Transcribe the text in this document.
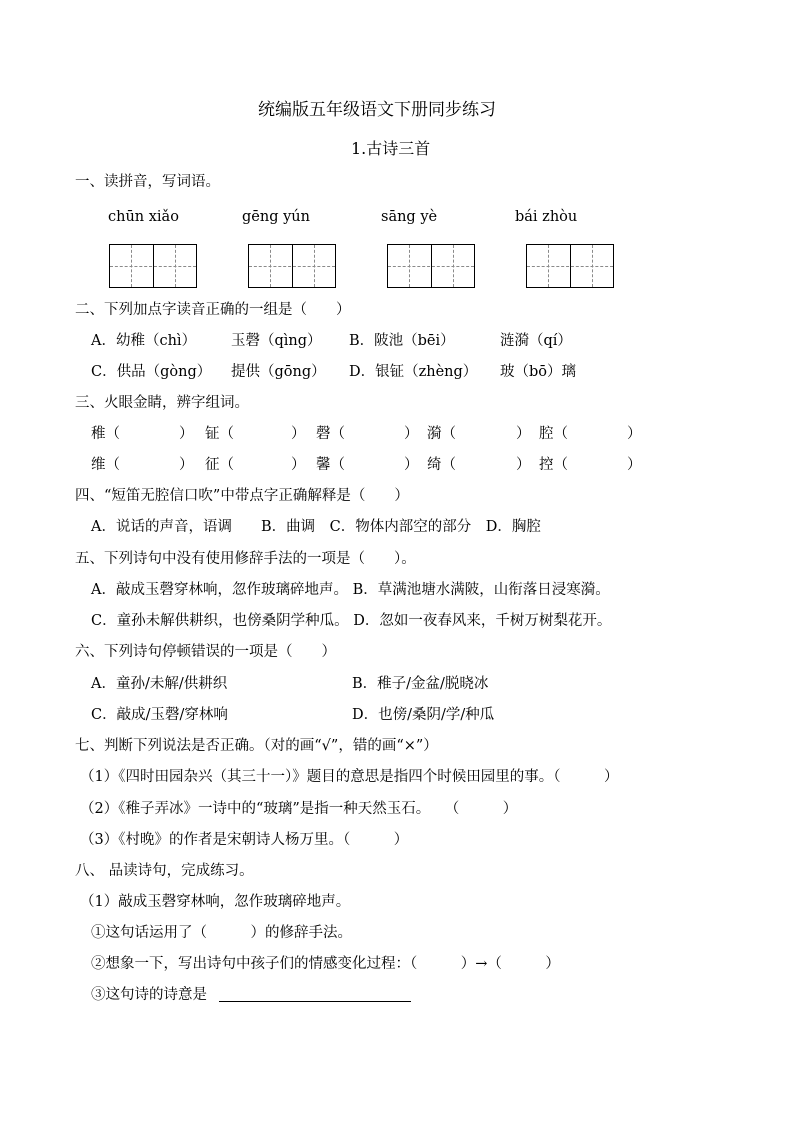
统编版五年级语文下册同步练习
1.古诗三首
一、读拼音，写词语。
chūn xiǎo	gēng yún	sāng yè	bái zhòu
二、下列加点字读音正确的一组是（　　）
A．幼稚（chì） 玉磬（qìng） B．陂池（bēi）	涟漪（qí）
C．供品（gòng） 提供（gōng） D．银钲（zhèng） 玻（bō）璃
三、火眼金睛，辨字组词。
稚（	） 钲（	） 磬（	） 漪（	） 腔（	）
维（	） 征（	） 馨（	） 绮（	） 控（	）
四、“短笛无腔信口吹”中带点字正确解释是（　　）
A．说话的声音，语调　　B．曲调　C．物体内部空的部分　D．胸腔
五、下列诗句中没有使用修辞手法的一项是（　　）。
A．敲成玉磬穿林响，忽作玻璃碎地声。 B．草满池塘水满陂，山衔落日浸寒漪。
C．童孙未解供耕织，也傍桑阴学种瓜。 D．忽如一夜春风来，千树万树梨花开。
六、下列诗句停顿错误的一项是（　　）
A．童孙/未解/供耕织	B．稚子/金盆/脱晓冰
C．敲成/玉磬/穿林响	D．也傍/桑阴/学/种瓜
七、判断下列说法是否正确。（对的画“√”，错的画“×”）
（1）《四时田园杂兴（其三十一）》题目的意思是指四个时候田园里的事。（　　　）
（2）《稚子弄冰》一诗中的“玻璃”是指一种天然玉石。　　（　　　）
（3）《村晚》的作者是宋朝诗人杨万里。（　　　）
八、 品读诗句，完成练习。
（1）敲成玉磬穿林响，忽作玻璃碎地声。
①这句话运用了（　　　）的修辞手法。
②想象一下，写出诗句中孩子们的情感变化过程：（　　　）→（　　　）
③这句诗的诗意是
